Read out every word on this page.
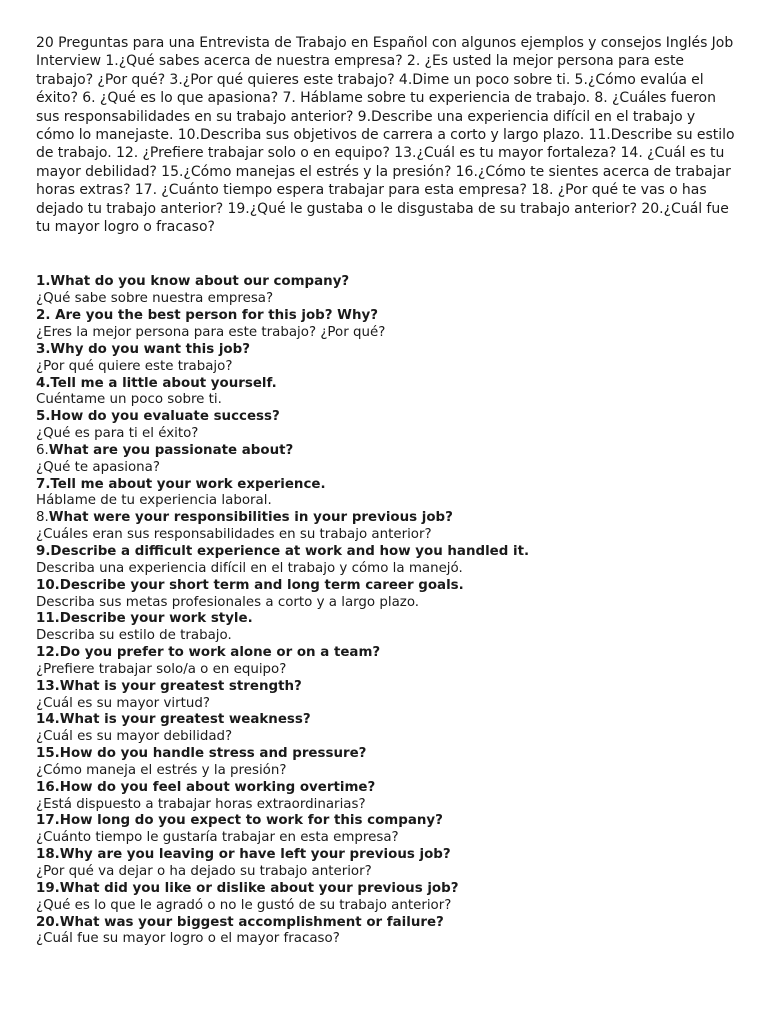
20 Preguntas para una Entrevista de Trabajo en Español con algunos ejemplos y consejos Inglés Job Interview 1.¿Qué sabes acerca de nuestra empresa? 2. ¿Es usted la mejor persona para este trabajo? ¿Por qué? 3.¿Por qué quieres este trabajo? 4.Dime un poco sobre ti. 5.¿Cómo evalúa el éxito? 6. ¿Qué es lo que apasiona? 7. Háblame sobre tu experiencia de trabajo. 8. ¿Cuáles fueron sus responsabilidades en su trabajo anterior? 9.Describe una experiencia difícil en el trabajo y cómo lo manejaste. 10.Describa sus objetivos de carrera a corto y largo plazo. 11.Describe su estilo de trabajo. 12. ¿Prefiere trabajar solo o en equipo? 13.¿Cuál es tu mayor fortaleza? 14. ¿Cuál es tu mayor debilidad? 15.¿Cómo manejas el estrés y la presión? 16.¿Cómo te sientes acerca de trabajar horas extras? 17. ¿Cuánto tiempo espera trabajar para esta empresa? 18. ¿Por qué te vas o has dejado tu trabajo anterior? 19.¿Qué le gustaba o le disgustaba de su trabajo anterior? 20.¿Cuál fue tu mayor logro o fracaso?

1.What do you know about our company?
¿Qué sabe sobre nuestra empresa?
2. Are you the best person for this job? Why?
¿Eres la mejor persona para este trabajo? ¿Por qué?
3.Why do you want this job?
¿Por qué quiere este trabajo?
4.Tell me a little about yourself.
Cuéntame un poco sobre ti.
5.How do you evaluate success?
¿Qué es para ti el éxito?
6.What are you passionate about?
¿Qué te apasiona?
7.Tell me about your work experience.
Háblame de tu experiencia laboral.
8.What were your responsibilities in your previous job?
¿Cuáles eran sus responsabilidades en su trabajo anterior?
9.Describe a difficult experience at work and how you handled it.
Describa una experiencia difícil en el trabajo y cómo la manejó.
10.Describe your short term and long term career goals.
Describa sus metas profesionales a corto y a largo plazo.
11.Describe your work style.
Describa su estilo de trabajo.
12.Do you prefer to work alone or on a team?
¿Prefiere trabajar solo/a o en equipo?
13.What is your greatest strength?
¿Cuál es su mayor virtud?
14.What is your greatest weakness?
¿Cuál es su mayor debilidad?
15.How do you handle stress and pressure?
¿Cómo maneja el estrés y la presión?
16.How do you feel about working overtime?
¿Está dispuesto a trabajar horas extraordinarias?
17.How long do you expect to work for this company?
¿Cuánto tiempo le gustaría trabajar en esta empresa?
18.Why are you leaving or have left your previous job?
¿Por qué va dejar o ha dejado su trabajo anterior?
19.What did you like or dislike about your previous job?
¿Qué es lo que le agradó o no le gustó de su trabajo anterior?
20.What was your biggest accomplishment or failure?
¿Cuál fue su mayor logro o el mayor fracaso?
